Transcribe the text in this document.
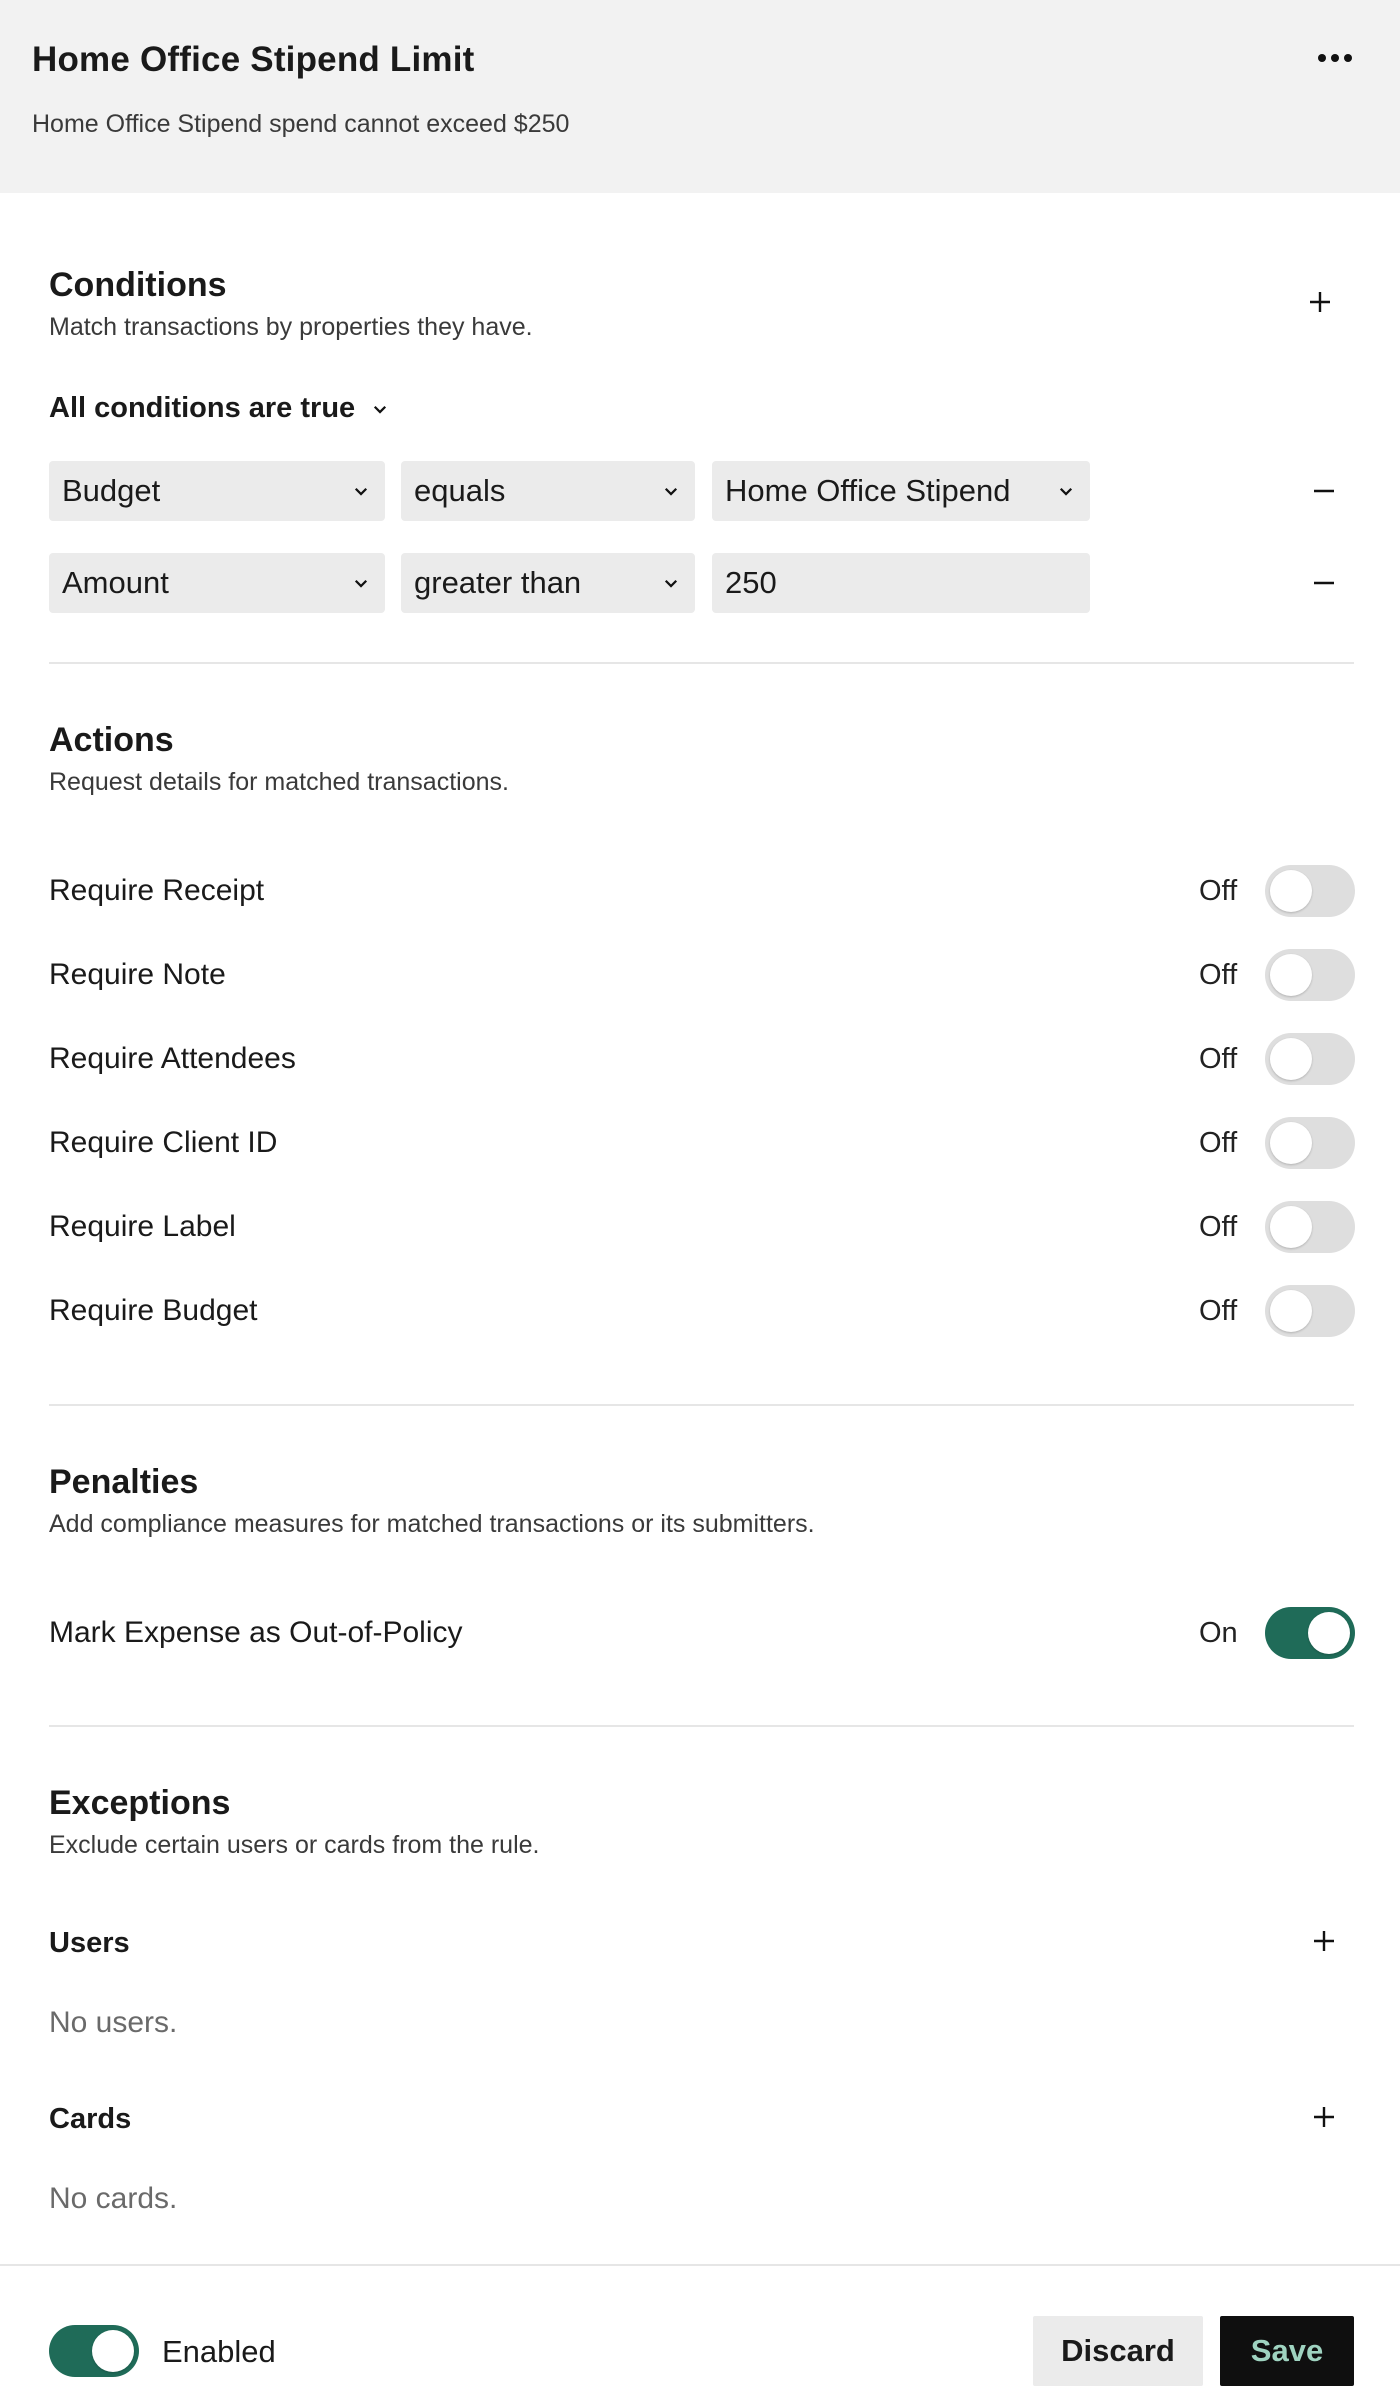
Home Office Stipend Limit
Home Office Stipend spend cannot exceed $250
Conditions
Match transactions by properties they have.
All conditions are true
Budget	equals	Home Office Stipend
Amount	greater than	250
Actions
Request details for matched transactions.
Require Receipt	Off
Require Note	Off
Require Attendees	Off
Require Client ID	Off
Require Label	Off
Require Budget	Off
Penalties
Add compliance measures for matched transactions or its submitters.
Mark Expense as Out-of-Policy	On
Exceptions
Exclude certain users or cards from the rule.
Users
No users.
Cards
No cards.
Enabled	Discard	Save
